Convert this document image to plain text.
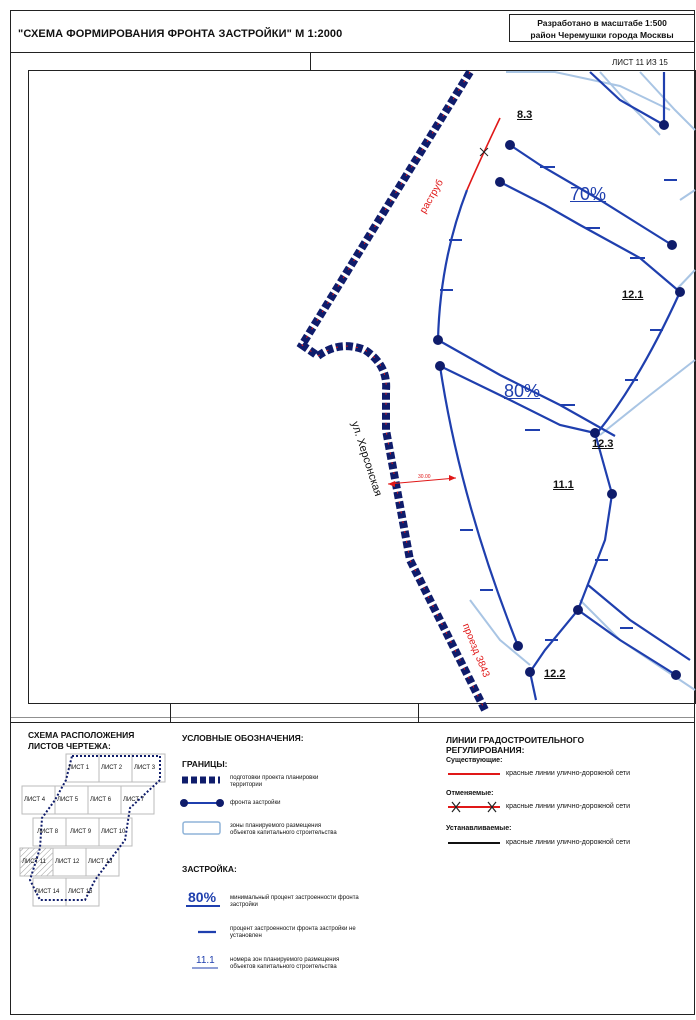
"СХЕМА ФОРМИРОВАНИЯ ФРОНТА ЗАСТРОЙКИ" М 1:2000
Разработано в масштабе 1:500
район Черемушки города Москвы
ЛИСТ 11 ИЗ 15
8.3
12.1
12.3
11.1
12.2
70%
80%
ул. Херсонская	30.00
проезд 3843
раструб
СХЕМА РАСПОЛОЖЕНИЯ
ЛИСТОВ ЧЕРТЕЖА:
ЛИСТ 1 ЛИСТ 2 ЛИСТ 3
ЛИСТ 4 ЛИСТ 5 ЛИСТ 6 ЛИСТ 7
ЛИСТ 8 ЛИСТ 9 ЛИСТ 10
ЛИСТ 11 ЛИСТ 12 ЛИСТ 13
ЛИСТ 14 ЛИСТ 15
УСЛОВНЫЕ ОБОЗНАЧЕНИЯ:
ГРАНИЦЫ:
подготовки проекта планировки
территории
фронта застройки
зоны планируемого размещения
объектов капитального строительства
ЗАСТРОЙКА:
80% минимальный процент застроенности фронта
застройки
процент застроенности фронта застройки не
установлен
11.1	номера зон планируемого размещения
объектов капитального строительства
ЛИНИИ ГРАДОСТРОИТЕЛЬНОГО
РЕГУЛИРОВАНИЯ:
Существующие:
красные линии улично-дорожной сети
Отменяемые:
красные линии улично-дорожной сети
Устанавливаемые:
красные линии улично-дорожной сети
